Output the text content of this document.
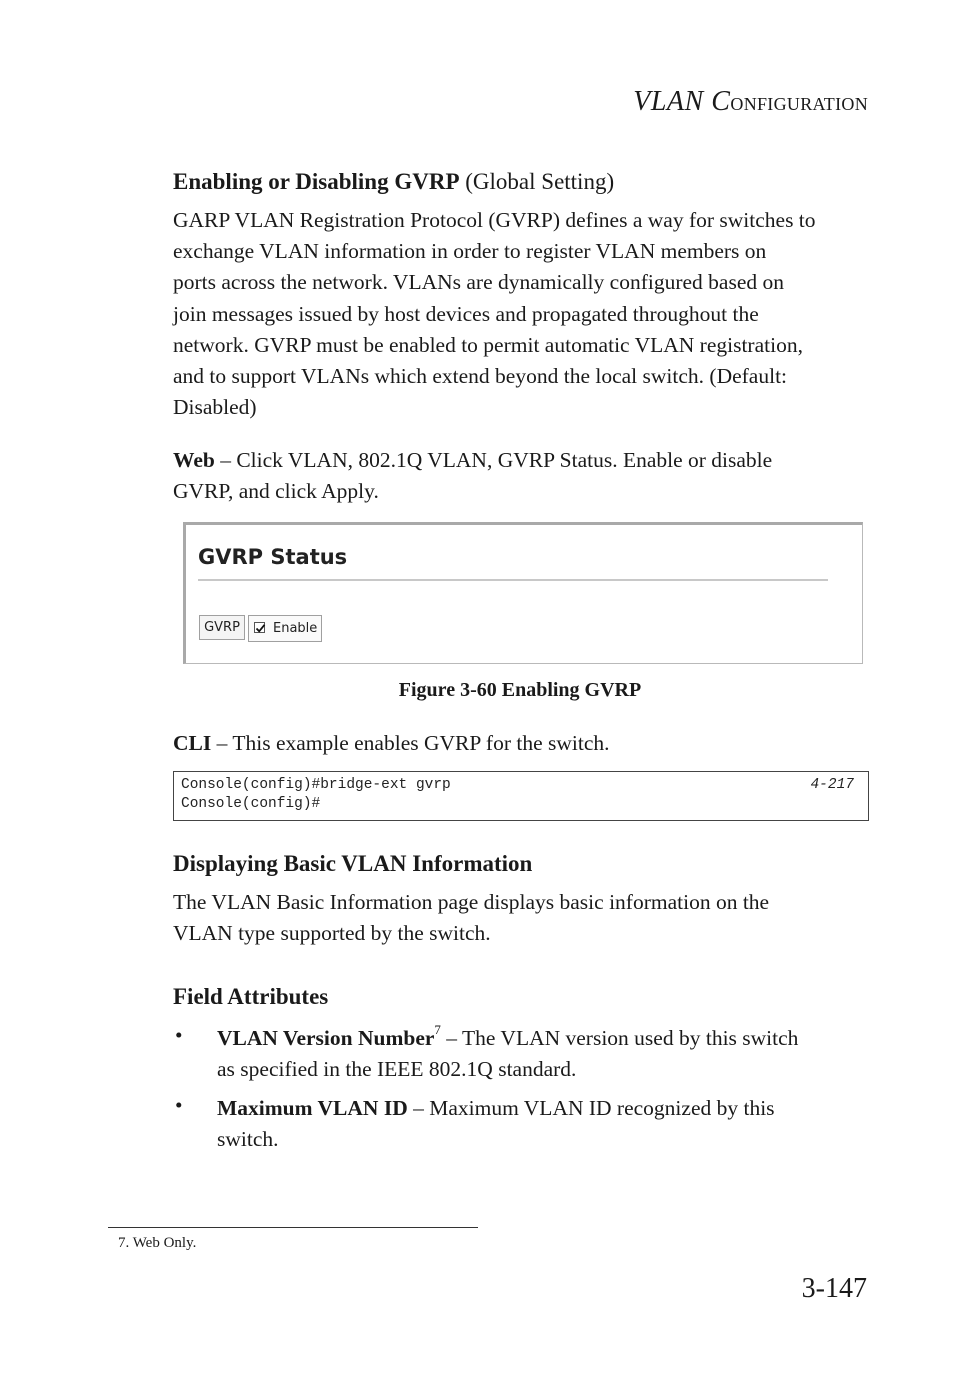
VLAN CONFIGURATION
Enabling or Disabling GVRP (Global Setting)
GARP VLAN Registration Protocol (GVRP) defines a way for switches to
exchange VLAN information in order to register VLAN members on
ports across the network. VLANs are dynamically configured based on
join messages issued by host devices and propagated throughout the
network. GVRP must be enabled to permit automatic VLAN registration,
and to support VLANs which extend beyond the local switch. (Default:
Disabled)
Web – Click VLAN, 802.1Q VLAN, GVRP Status. Enable or disable
GVRP, and click Apply.
GVRP Status
GVRP	Enable
Figure 3-60 Enabling GVRP
CLI – This example enables GVRP for the switch.
Console(config)#bridge-ext gvrp	4-217
Console(config)#
Displaying Basic VLAN Information
The VLAN Basic Information page displays basic information on the
VLAN type supported by the switch.
Field Attributes
• VLAN Version Number$^7$ – The VLAN version used by this switch
as specified in the IEEE 802.1Q standard.
• Maximum VLAN ID – Maximum VLAN ID recognized by this
switch.
7. Web Only.
3-147
